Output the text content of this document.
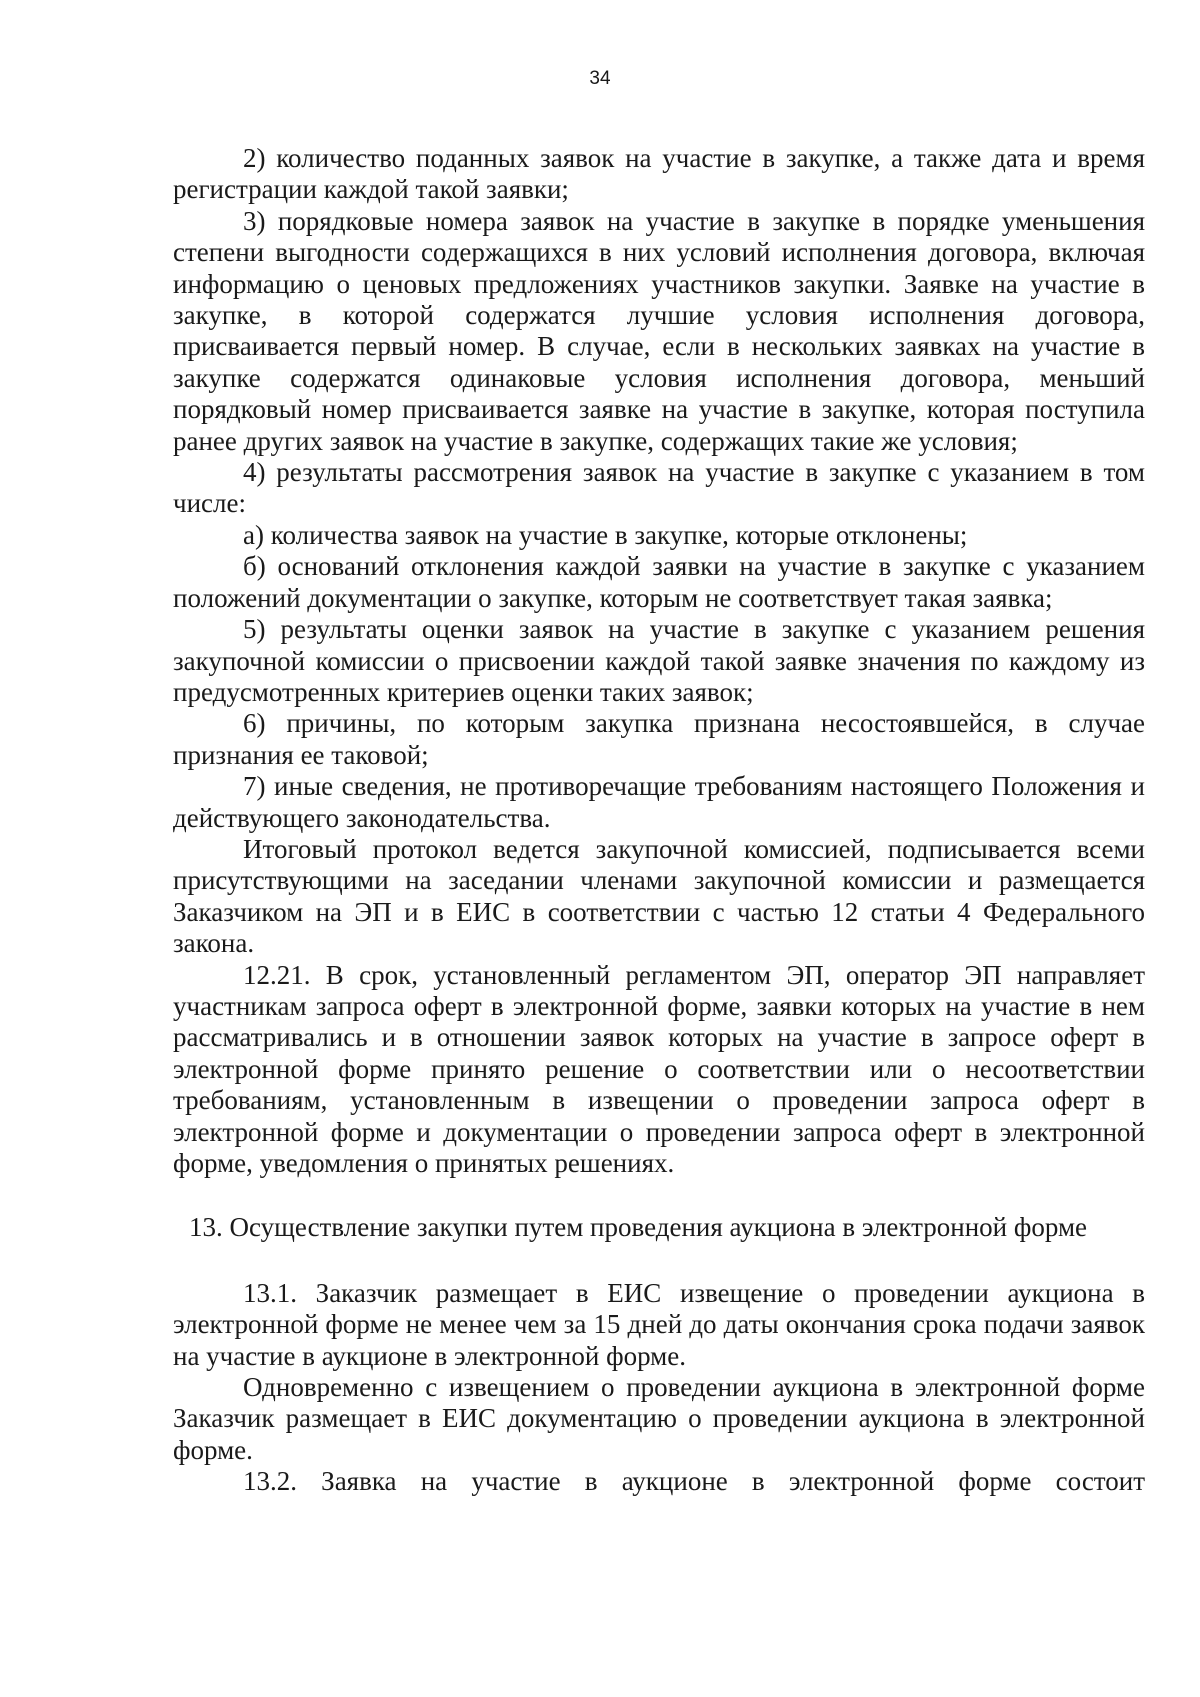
34

2) количество поданных заявок на участие в закупке, а также дата и время регистрации каждой такой заявки;

3) порядковые номера заявок на участие в закупке в порядке уменьшения степени выгодности содержащихся в них условий исполнения договора, включая информацию о ценовых предложениях участников закупки. Заявке на участие в закупке, в которой содержатся лучшие условия исполнения договора, присваивается первый номер. В случае, если в нескольких заявках на участие в закупке содержатся одинаковые условия исполнения договора, меньший порядковый номер присваивается заявке на участие в закупке, которая поступила ранее других заявок на участие в закупке, содержащих такие же условия;

4) результаты рассмотрения заявок на участие в закупке с указанием в том числе:

а) количества заявок на участие в закупке, которые отклонены;

б) оснований отклонения каждой заявки на участие в закупке с указанием положений документации о закупке, которым не соответствует такая заявка;

5) результаты оценки заявок на участие в закупке с указанием решения закупочной комиссии о присвоении каждой такой заявке значения по каждому из предусмотренных критериев оценки таких заявок;

6) причины, по которым закупка признана несостоявшейся, в случае признания ее таковой;

7) иные сведения, не противоречащие требованиям настоящего Положения и действующего законодательства.

Итоговый протокол ведется закупочной комиссией, подписывается всеми присутствующими на заседании членами закупочной комиссии и размещается Заказчиком на ЭП и в ЕИС в соответствии с частью 12 статьи 4 Федерального закона.

12.21. В срок, установленный регламентом ЭП, оператор ЭП направляет участникам запроса оферт в электронной форме, заявки которых на участие в нем рассматривались и в отношении заявок которых на участие в запросе оферт в электронной форме принято решение о соответствии или о несоответствии требованиям, установленным в извещении о проведении запроса оферт в электронной форме и документации о проведении запроса оферт в электронной форме, уведомления о принятых решениях.

13. Осуществление закупки путем проведения аукциона в электронной форме

13.1. Заказчик размещает в ЕИС извещение о проведении аукциона в электронной форме не менее чем за 15 дней до даты окончания срока подачи заявок на участие в аукционе в электронной форме.

Одновременно с извещением о проведении аукциона в электронной форме Заказчик размещает в ЕИС документацию о проведении аукциона в электронной форме.

13.2. Заявка на участие в аукционе в электронной форме состоит
